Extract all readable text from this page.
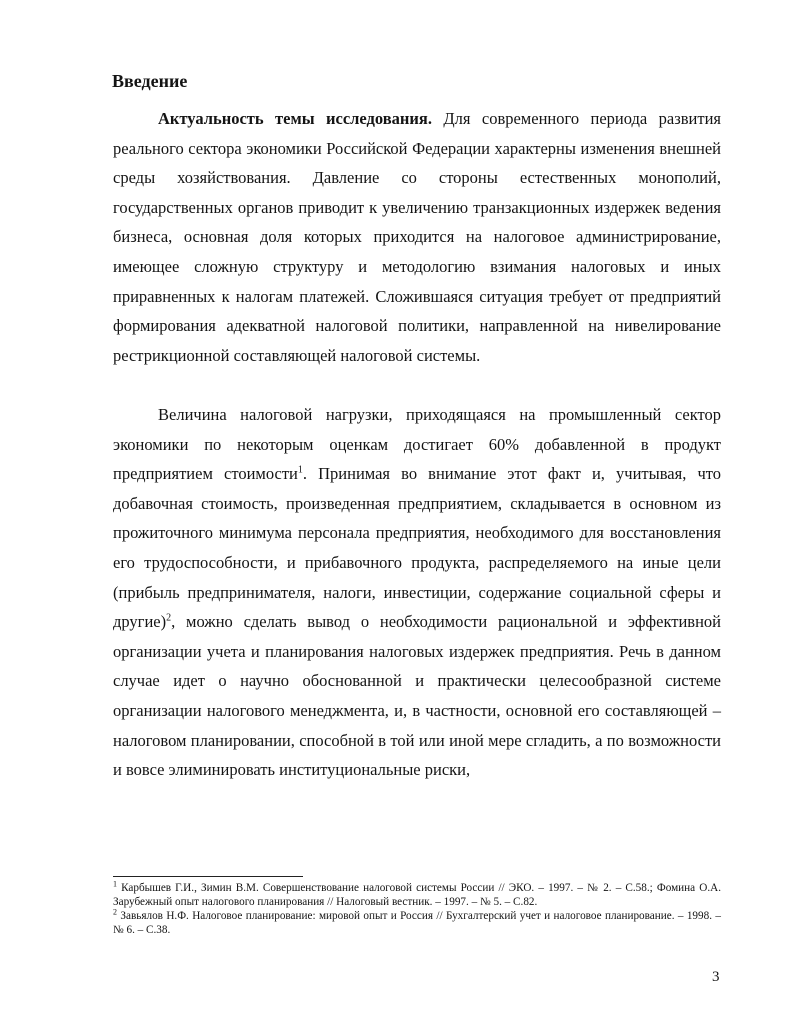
Введение

Актуальность темы исследования. Для современного периода развития реального сектора экономики Российской Федерации характерны изменения внешней среды хозяйствования. Давление со стороны естественных монополий, государственных органов приводит к увеличению транзакционных издержек ведения бизнеса, основная доля которых приходится на налоговое администрирование, имеющее сложную структуру и методологию взимания налоговых и иных приравненных к налогам платежей. Сложившаяся ситуация требует от предприятий формирования адекватной налоговой политики, направленной на нивелирование рестрикционной составляющей налоговой системы.

Величина налоговой нагрузки, приходящаяся на промышленный сектор экономики по некоторым оценкам достигает 60% добавленной в продукт предприятием стоимости$^1$. Принимая во внимание этот факт и, учитывая, что добавочная стоимость, произведенная предприятием, складывается в основном из прожиточного минимума персонала предприятия, необходимого для восстановления его трудоспособности, и прибавочного продукта, распределяемого на иные цели (прибыль предпринимателя, налоги, инвестиции, содержание социальной сферы и другие)$^2$, можно сделать вывод о необходимости рациональной и эффективной организации учета и планирования налоговых издержек предприятия. Речь в данном случае идет о научно обоснованной и практически целесообразной системе организации налогового менеджмента, и, в частности, основной его составляющей – налоговом планировании, способной в той или иной мере сгладить, а по возможности и вовсе элиминировать институциональные риски,

$^1$ Карбышев Г.И., Зимин В.М. Совершенствование налоговой системы России // ЭКО. – 1997. – № 2. – С.58.; Фомина О.А. Зарубежный опыт налогового планирования // Налоговый вестник. – 1997. – № 5. – С.82.

$^2$ Завьялов Н.Ф. Налоговое планирование: мировой опыт и Россия // Бухгалтерский учет и налоговое планирование. – 1998. – № 6. – С.38.

3
